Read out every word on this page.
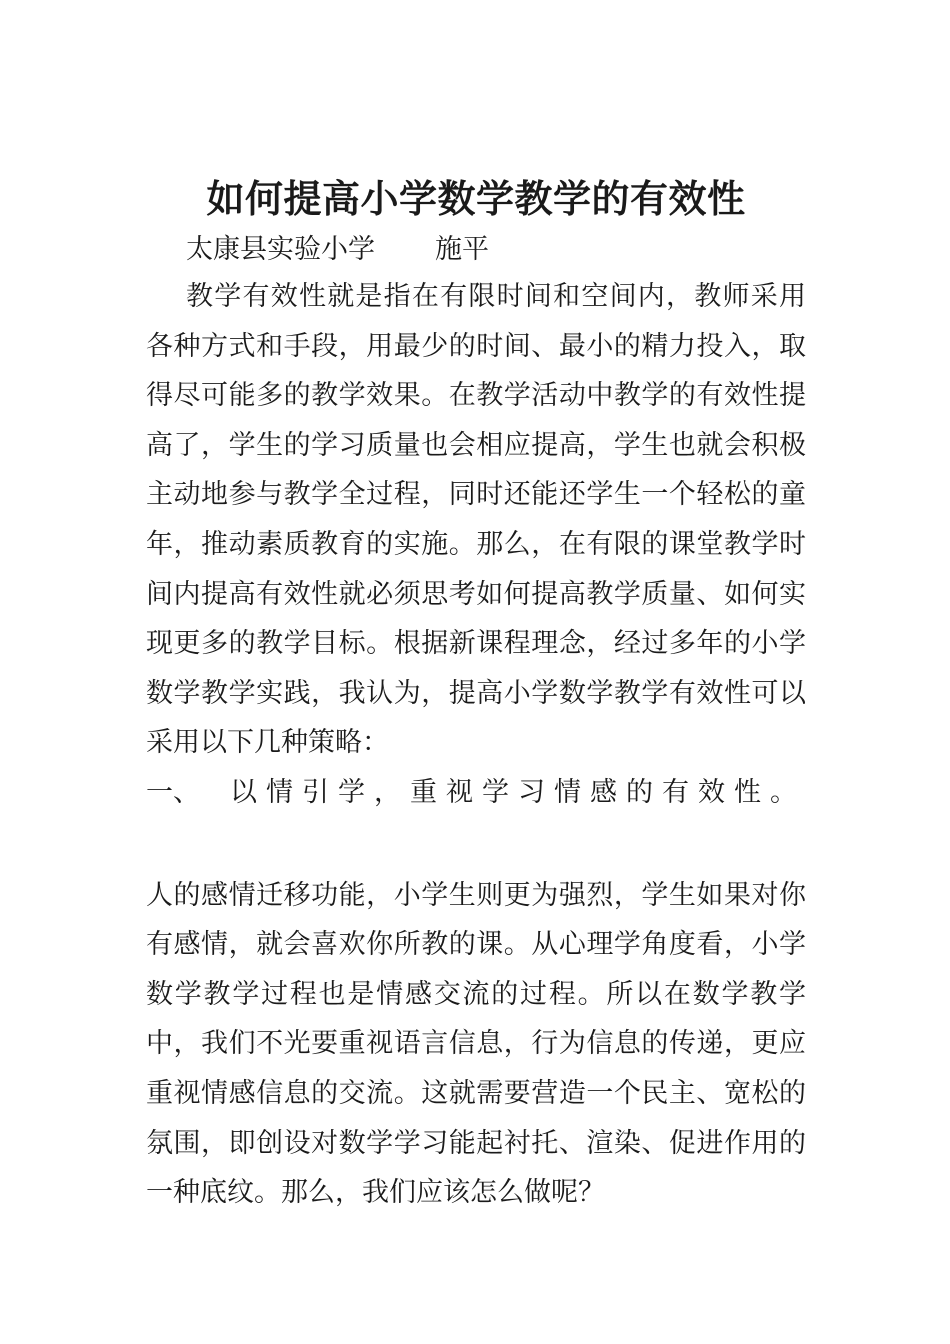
如何提高小学数学教学的有效性
太康县实验小学 施平

教学有效性就是指在有限时间和空间内，教师采用各种方式和手段，用最少的时间、最小的精力投入，取得尽可能多的教学效果。在教学活动中教学的有效性提高了，学生的学习质量也会相应提高，学生也就会积极主动地参与教学全过程，同时还能还学生一个轻松的童年，推动素质教育的实施。那么，在有限的课堂教学时间内提高有效性就必须思考如何提高教学质量、如何实现更多的教学目标。根据新课程理念，经过多年的小学数学教学实践，我认为，提高小学数学教学有效性可以采用以下几种策略：

一、	以情引学，重视学习情感的有效性。

人的感情迁移功能，小学生则更为强烈，学生如果对你有感情，就会喜欢你所教的课。从心理学角度看，小学数学教学过程也是情感交流的过程。所以在数学教学中，我们不光要重视语言信息，行为信息的传递，更应重视情感信息的交流。这就需要营造一个民主、宽松的氛围，即创设对数学学习能起衬托、渲染、促进作用的一种底纹。那么，我们应该怎么做呢？
